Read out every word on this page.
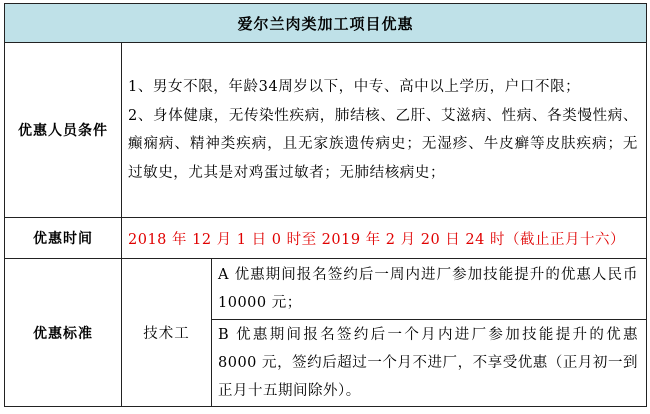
爱尔兰肉类加工项目优惠		
优惠人员条件	1、男女不限，年龄34周岁以下，中专、高中以上学历，户口不限；

2、身体健康，无传染性疾病，肺结核、乙肝、艾滋病、性病、各类慢性病、癫痫病、精神类疾病，且无家族遗传病史；无湿疹、牛皮癣等皮肤疾病；无过敏史，尤其是对鸡蛋过敏者；无肺结核病史；	

优惠时间	2018 年 12 月 1 日 0 时至 2019 年 2 月 20 日 24 时（截止正月十六）	
优惠标准	技术工	A 优惠期间报名签约后一周内进厂参加技能提升的优惠人民币 10000 元；
		B 优惠期间报名签约后一个月内进厂参加技能提升的优惠 8000 元，签约后超过一个月不进厂，不享受优惠（正月初一到正月十五期间除外）。
